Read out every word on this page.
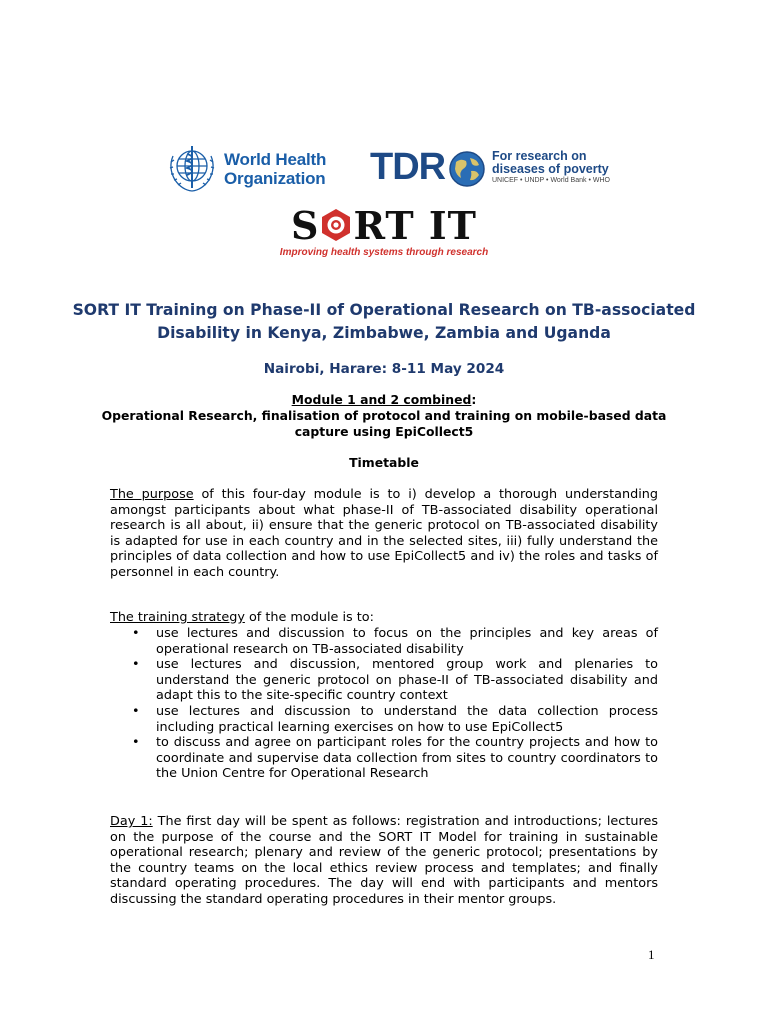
World Health
Organization TDR	For research on
diseases of poverty
UNICEF • UNDP • World Bank • WHO
S RT IT
Improving health systems through research
SORT IT Training on Phase-II of Operational Research on TB-associated Disability in Kenya, Zimbabwe, Zambia and Uganda
Nairobi, Harare: 8-11 May 2024
Module 1 and 2 combined:
Operational Research, finalisation of protocol and training on mobile-based data capture using EpiCollect5
Timetable

The purpose of this four-day module is to i) develop a thorough understanding amongst participants about what phase-II of TB-associated disability operational research is all about, ii) ensure that the generic protocol on TB-associated disability is adapted for use in each country and in the selected sites, iii) fully understand the principles of data collection and how to use EpiCollect5 and iv) the roles and tasks of personnel in each country.

The training strategy of the module is to:

• use lectures and discussion to focus on the principles and key areas of operational research on TB-associated disability
• use lectures and discussion, mentored group work and plenaries to understand the generic protocol on phase-II of TB-associated disability and adapt this to the site-specific country context
• use lectures and discussion to understand the data collection process including practical learning exercises on how to use EpiCollect5
• to discuss and agree on participant roles for the country projects and how to coordinate and supervise data collection from sites to country coordinators to the Union Centre for Operational Research

Day 1: The first day will be spent as follows: registration and introductions; lectures on the purpose of the course and the SORT IT Model for training in sustainable operational research; plenary and review of the generic protocol; presentations by the country teams on the local ethics review process and templates; and finally standard operating procedures. The day will end with participants and mentors discussing the standard operating procedures in their mentor groups.

1
